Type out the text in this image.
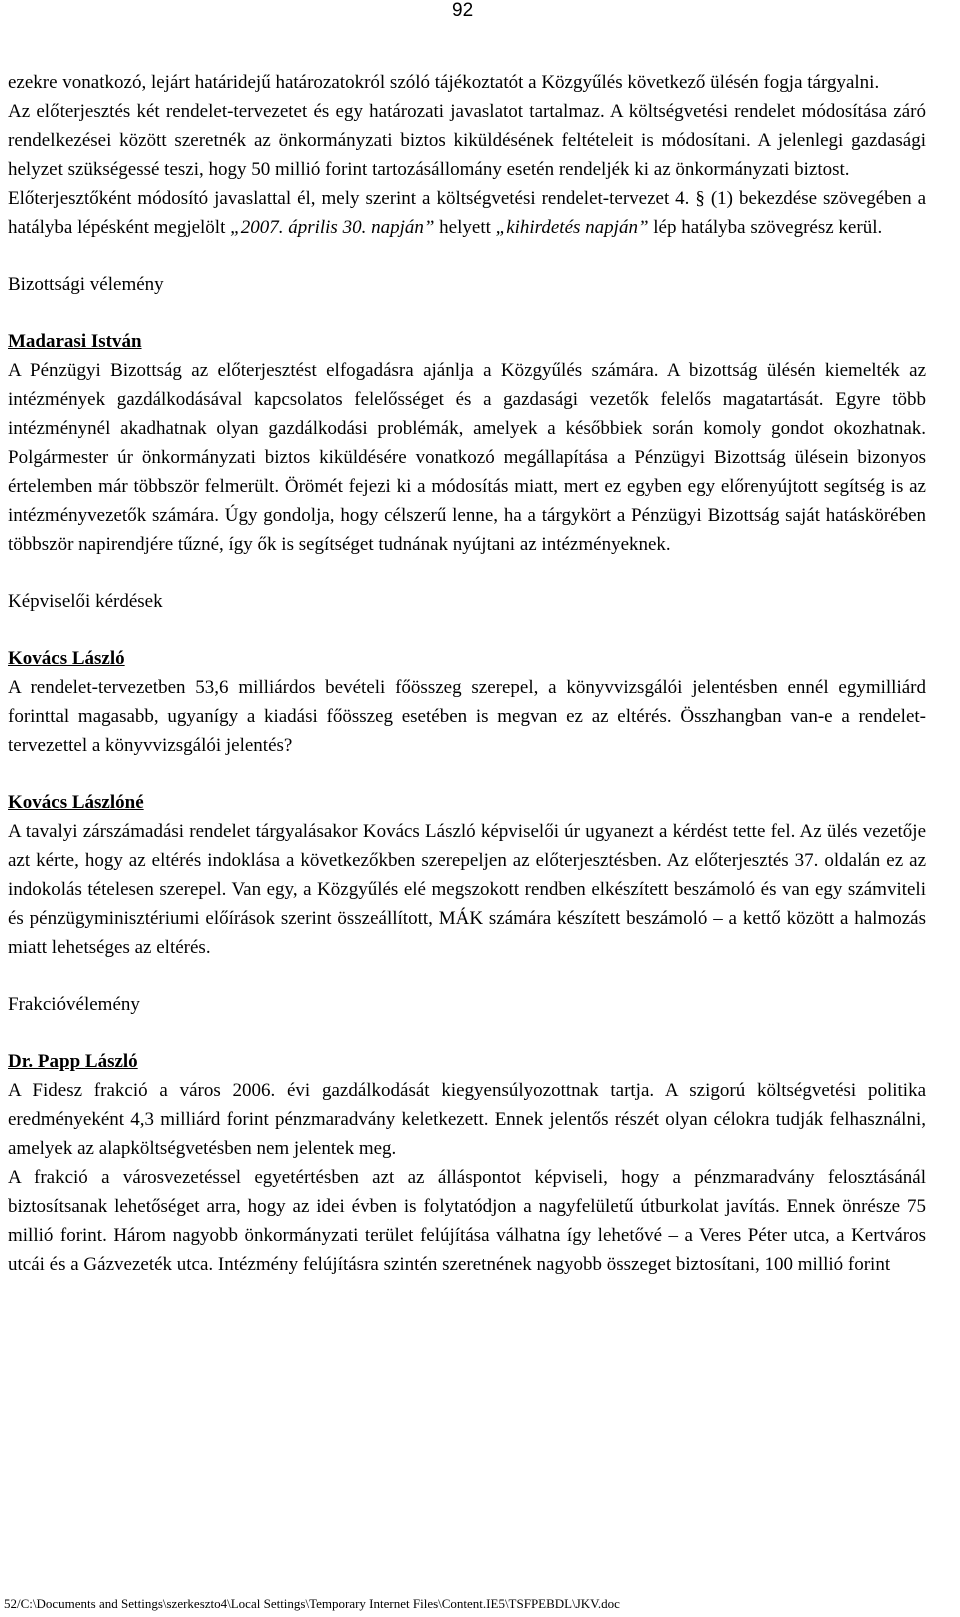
92

ezekre vonatkozó, lejárt határidejű határozatokról szóló tájékoztatót a Közgyűlés következő ülésén fogja tárgyalni.

Az előterjesztés két rendelet-tervezetet és egy határozati javaslatot tartalmaz. A költségvetési rendelet módosítása záró rendelkezései között szeretnék az önkormányzati biztos kiküldésének feltételeit is módosítani. A jelenlegi gazdasági helyzet szükségessé teszi, hogy 50 millió forint tartozásállomány esetén rendeljék ki az önkormányzati biztost.

Előterjesztőként módosító javaslattal él, mely szerint a költségvetési rendelet-tervezet 4. § (1) bekezdése szövegében a hatályba lépésként megjelölt „2007. április 30. napján” helyett „kihirdetés napján” lép hatályba szövegrész kerül.

Bizottsági vélemény

Madarasi István

A Pénzügyi Bizottság az előterjesztést elfogadásra ajánlja a Közgyűlés számára. A bizottság ülésén kiemelték az intézmények gazdálkodásával kapcsolatos felelősséget és a gazdasági vezetők felelős magatartását. Egyre több intézménynél akadhatnak olyan gazdálkodási problémák, amelyek a későbbiek során komoly gondot okozhatnak. Polgármester úr önkormányzati biztos kiküldésére vonatkozó megállapítása a Pénzügyi Bizottság ülésein bizonyos értelemben már többször felmerült. Örömét fejezi ki a módosítás miatt, mert ez egyben egy előrenyújtott segítség is az intézményvezetők számára. Úgy gondolja, hogy célszerű lenne, ha a tárgykört a Pénzügyi Bizottság saját hatáskörében többször napirendjére tűzné, így ők is segítséget tudnának nyújtani az intézményeknek.

Képviselői kérdések

Kovács László

A rendelet-tervezetben 53,6 milliárdos bevételi főösszeg szerepel, a könyvvizsgálói jelentésben ennél egymilliárd forinttal magasabb, ugyanígy a kiadási főösszeg esetében is megvan ez az eltérés. Összhangban van-e a rendelet-tervezettel a könyvvizsgálói jelentés?

Kovács Lászlóné

A tavalyi zárszámadási rendelet tárgyalásakor Kovács László képviselői úr ugyanezt a kérdést tette fel. Az ülés vezetője azt kérte, hogy az eltérés indoklása a következőkben szerepeljen az előterjesztésben. Az előterjesztés 37. oldalán ez az indokolás tételesen szerepel. Van egy, a Közgyűlés elé megszokott rendben elkészített beszámoló és van egy számviteli és pénzügyminisztériumi előírások szerint összeállított, MÁK számára készített beszámoló – a kettő között a halmozás miatt lehetséges az eltérés.

Frakcióvélemény

Dr. Papp László

A Fidesz frakció a város 2006. évi gazdálkodását kiegyensúlyozottnak tartja. A szigorú költségvetési politika eredményeként 4,3 milliárd forint pénzmaradvány keletkezett. Ennek jelentős részét olyan célokra tudják felhasználni, amelyek az alapköltségvetésben nem jelentek meg.

A frakció a városvezetéssel egyetértésben azt az álláspontot képviseli, hogy a pénzmaradvány felosztásánál biztosítsanak lehetőséget arra, hogy az idei évben is folytatódjon a nagyfelületű útburkolat javítás. Ennek önrésze 75 millió forint. Három nagyobb önkormányzati terület felújítása válhatna így lehetővé – a Veres Péter utca, a Kertváros utcái és a Gázvezeték utca. Intézmény felújításra szintén szeretnének nagyobb összeget biztosítani, 100 millió forint

52/C:\Documents and Settings\szerkeszto4\Local Settings\Temporary Internet Files\Content.IE5\TSFPEBDL\JKV.doc
